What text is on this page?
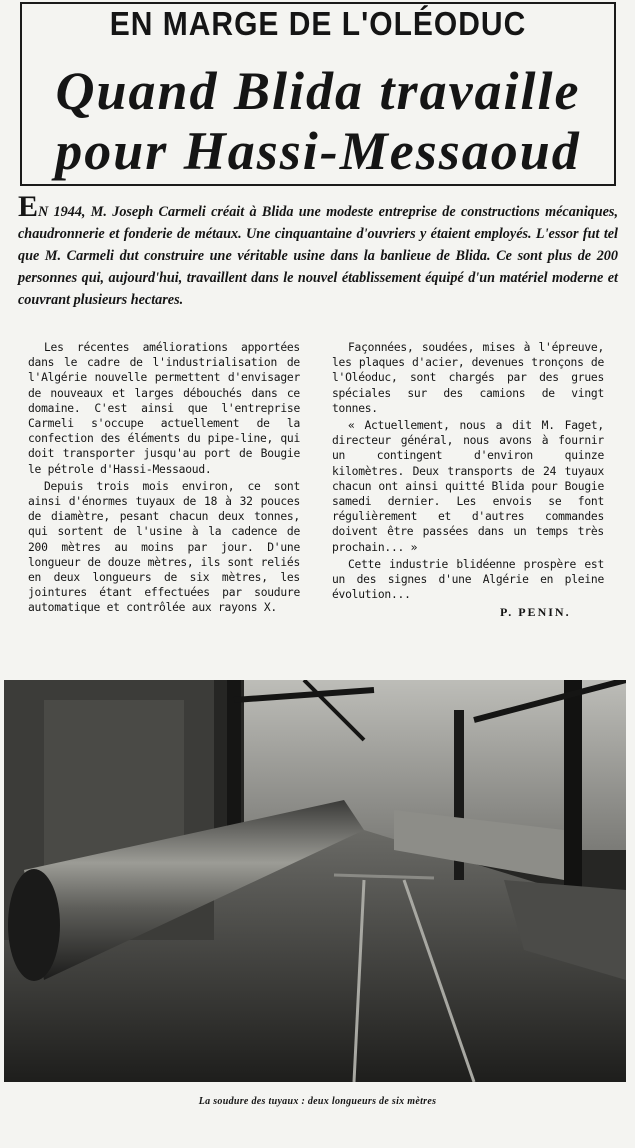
EN MARGE DE L'OLÉODUC
Quand Blida travaille
pour Hassi-Messaoud
EN 1944, M. Joseph Carmeli créait à Blida une modeste entreprise de constructions mécaniques, chaudronnerie et fonderie de métaux. Une cinquantaine d'ouvriers y étaient employés. L'essor fut tel que M. Carmeli dut construire une véritable usine dans la banlieue de Blida. Ce sont plus de 200 personnes qui, aujourd'hui, travaillent dans le nouvel établissement équipé d'un matériel moderne et couvrant plusieurs hectares.

Les récentes améliorations apportées dans le cadre de l'industrialisation de l'Algérie nouvelle permettent d'envisager de nouveaux et larges débouchés dans ce domaine. C'est ainsi que l'entreprise Carmeli s'occupe actuellement de la confection des éléments du pipe-line, qui doit transporter jusqu'au port de Bougie le pétrole d'Hassi-Messaoud.

Depuis trois mois environ, ce sont ainsi d'énormes tuyaux de 18 à 32 pouces de diamètre, pesant chacun deux tonnes, qui sortent de l'usine à la cadence de 200 mètres au moins par jour. D'une longueur de douze mètres, ils sont reliés en deux longueurs de six mètres, les jointures étant effectuées par soudure automatique et contrôlée aux rayons X.

Façonnées, soudées, mises à l'épreuve, les plaques d'acier, devenues tronçons de l'Oléoduc, sont chargés par des grues spéciales sur des camions de vingt tonnes.

« Actuellement, nous a dit M. Faget, directeur général, nous avons à fournir un contingent d'environ quinze kilomètres. Deux transports de 24 tuyaux chacun ont ainsi quitté Blida pour Bougie samedi dernier. Les envois se font régulièrement et d'autres commandes doivent être passées dans un temps très prochain... »

Cette industrie blidéenne prospère est un des signes d'une Algérie en pleine évolution...

P. PENIN.
La soudure des tuyaux : deux longueurs de six mètres
